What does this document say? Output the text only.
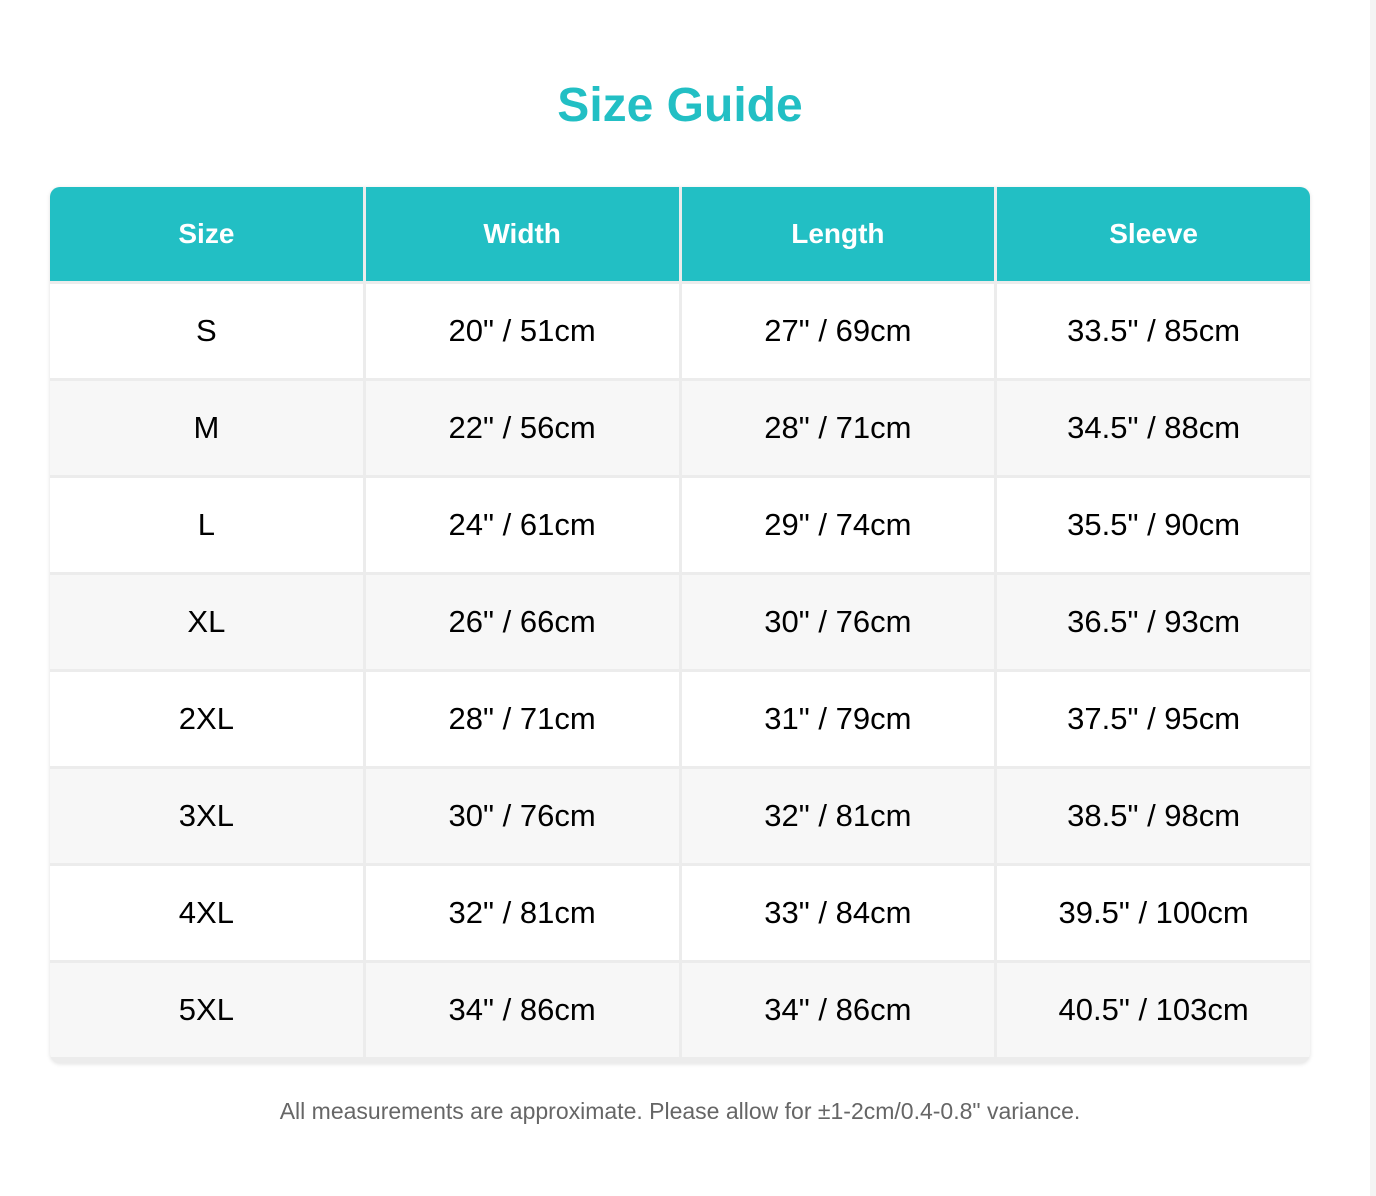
Size Guide
Size	Width	Length	Sleeve
S	20" / 51cm	27" / 69cm	33.5" / 85cm
M	22" / 56cm	28" / 71cm	34.5" / 88cm
L	24" / 61cm	29" / 74cm	35.5" / 90cm
XL	26" / 66cm	30" / 76cm	36.5" / 93cm
2XL	28" / 71cm	31" / 79cm	37.5" / 95cm
3XL	30" / 76cm	32" / 81cm	38.5" / 98cm
4XL	32" / 81cm	33" / 84cm	39.5" / 100cm
5XL	34" / 86cm	34" / 86cm	40.5" / 103cm

All measurements are approximate. Please allow for ±1-2cm/0.4-0.8" variance.
